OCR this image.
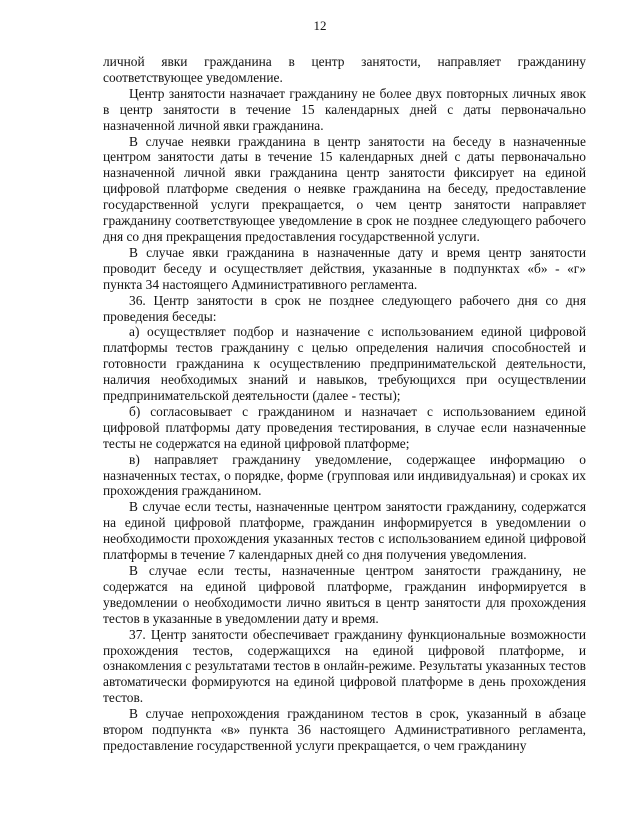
12

личной явки гражданина в центр занятости, направляет гражданину соответствующее уведомление.

Центр занятости назначает гражданину не более двух повторных личных явок в центр занятости в течение 15 календарных дней с даты первоначально назначенной личной явки гражданина.

В случае неявки гражданина в центр занятости на беседу в назначенные центром занятости даты в течение 15 календарных дней с даты первоначально назначенной личной явки гражданина центр занятости фиксирует на единой цифровой платформе сведения о неявке гражданина на беседу, предоставление государственной услуги прекращается, о чем центр занятости направляет гражданину соответствующее уведомление в срок не позднее следующего рабочего дня со дня прекращения предоставления государственной услуги.

В случае явки гражданина в назначенные дату и время центр занятости проводит беседу и осуществляет действия, указанные в подпунктах «б» - «г» пункта 34 настоящего Административного регламента.

36. Центр занятости в срок не позднее следующего рабочего дня со дня проведения беседы:

а) осуществляет подбор и назначение с использованием единой цифровой платформы тестов гражданину с целью определения наличия способностей и готовности гражданина к осуществлению предпринимательской деятельности, наличия необходимых знаний и навыков, требующихся при осуществлении предпринимательской деятельности (далее - тесты);

б) согласовывает с гражданином и назначает с использованием единой цифровой платформы дату проведения тестирования, в случае если назначенные тесты не содержатся на единой цифровой платформе;

в) направляет гражданину уведомление, содержащее информацию о назначенных тестах, о порядке, форме (групповая или индивидуальная) и сроках их прохождения гражданином.

В случае если тесты, назначенные центром занятости гражданину, содержатся на единой цифровой платформе, гражданин информируется в уведомлении о необходимости прохождения указанных тестов с использованием единой цифровой платформы в течение 7 календарных дней со дня получения уведомления.

В случае если тесты, назначенные центром занятости гражданину, не содержатся на единой цифровой платформе, гражданин информируется в уведомлении о необходимости лично явиться в центр занятости для прохождения тестов в указанные в уведомлении дату и время.

37. Центр занятости обеспечивает гражданину функциональные возможности прохождения тестов, содержащихся на единой цифровой платформе, и ознакомления с результатами тестов в онлайн-режиме. Результаты указанных тестов автоматически формируются на единой цифровой платформе в день прохождения тестов.

В случае непрохождения гражданином тестов в срок, указанный в абзаце втором подпункта «в» пункта 36 настоящего Административного регламента, предоставление государственной услуги прекращается, о чем гражданину
